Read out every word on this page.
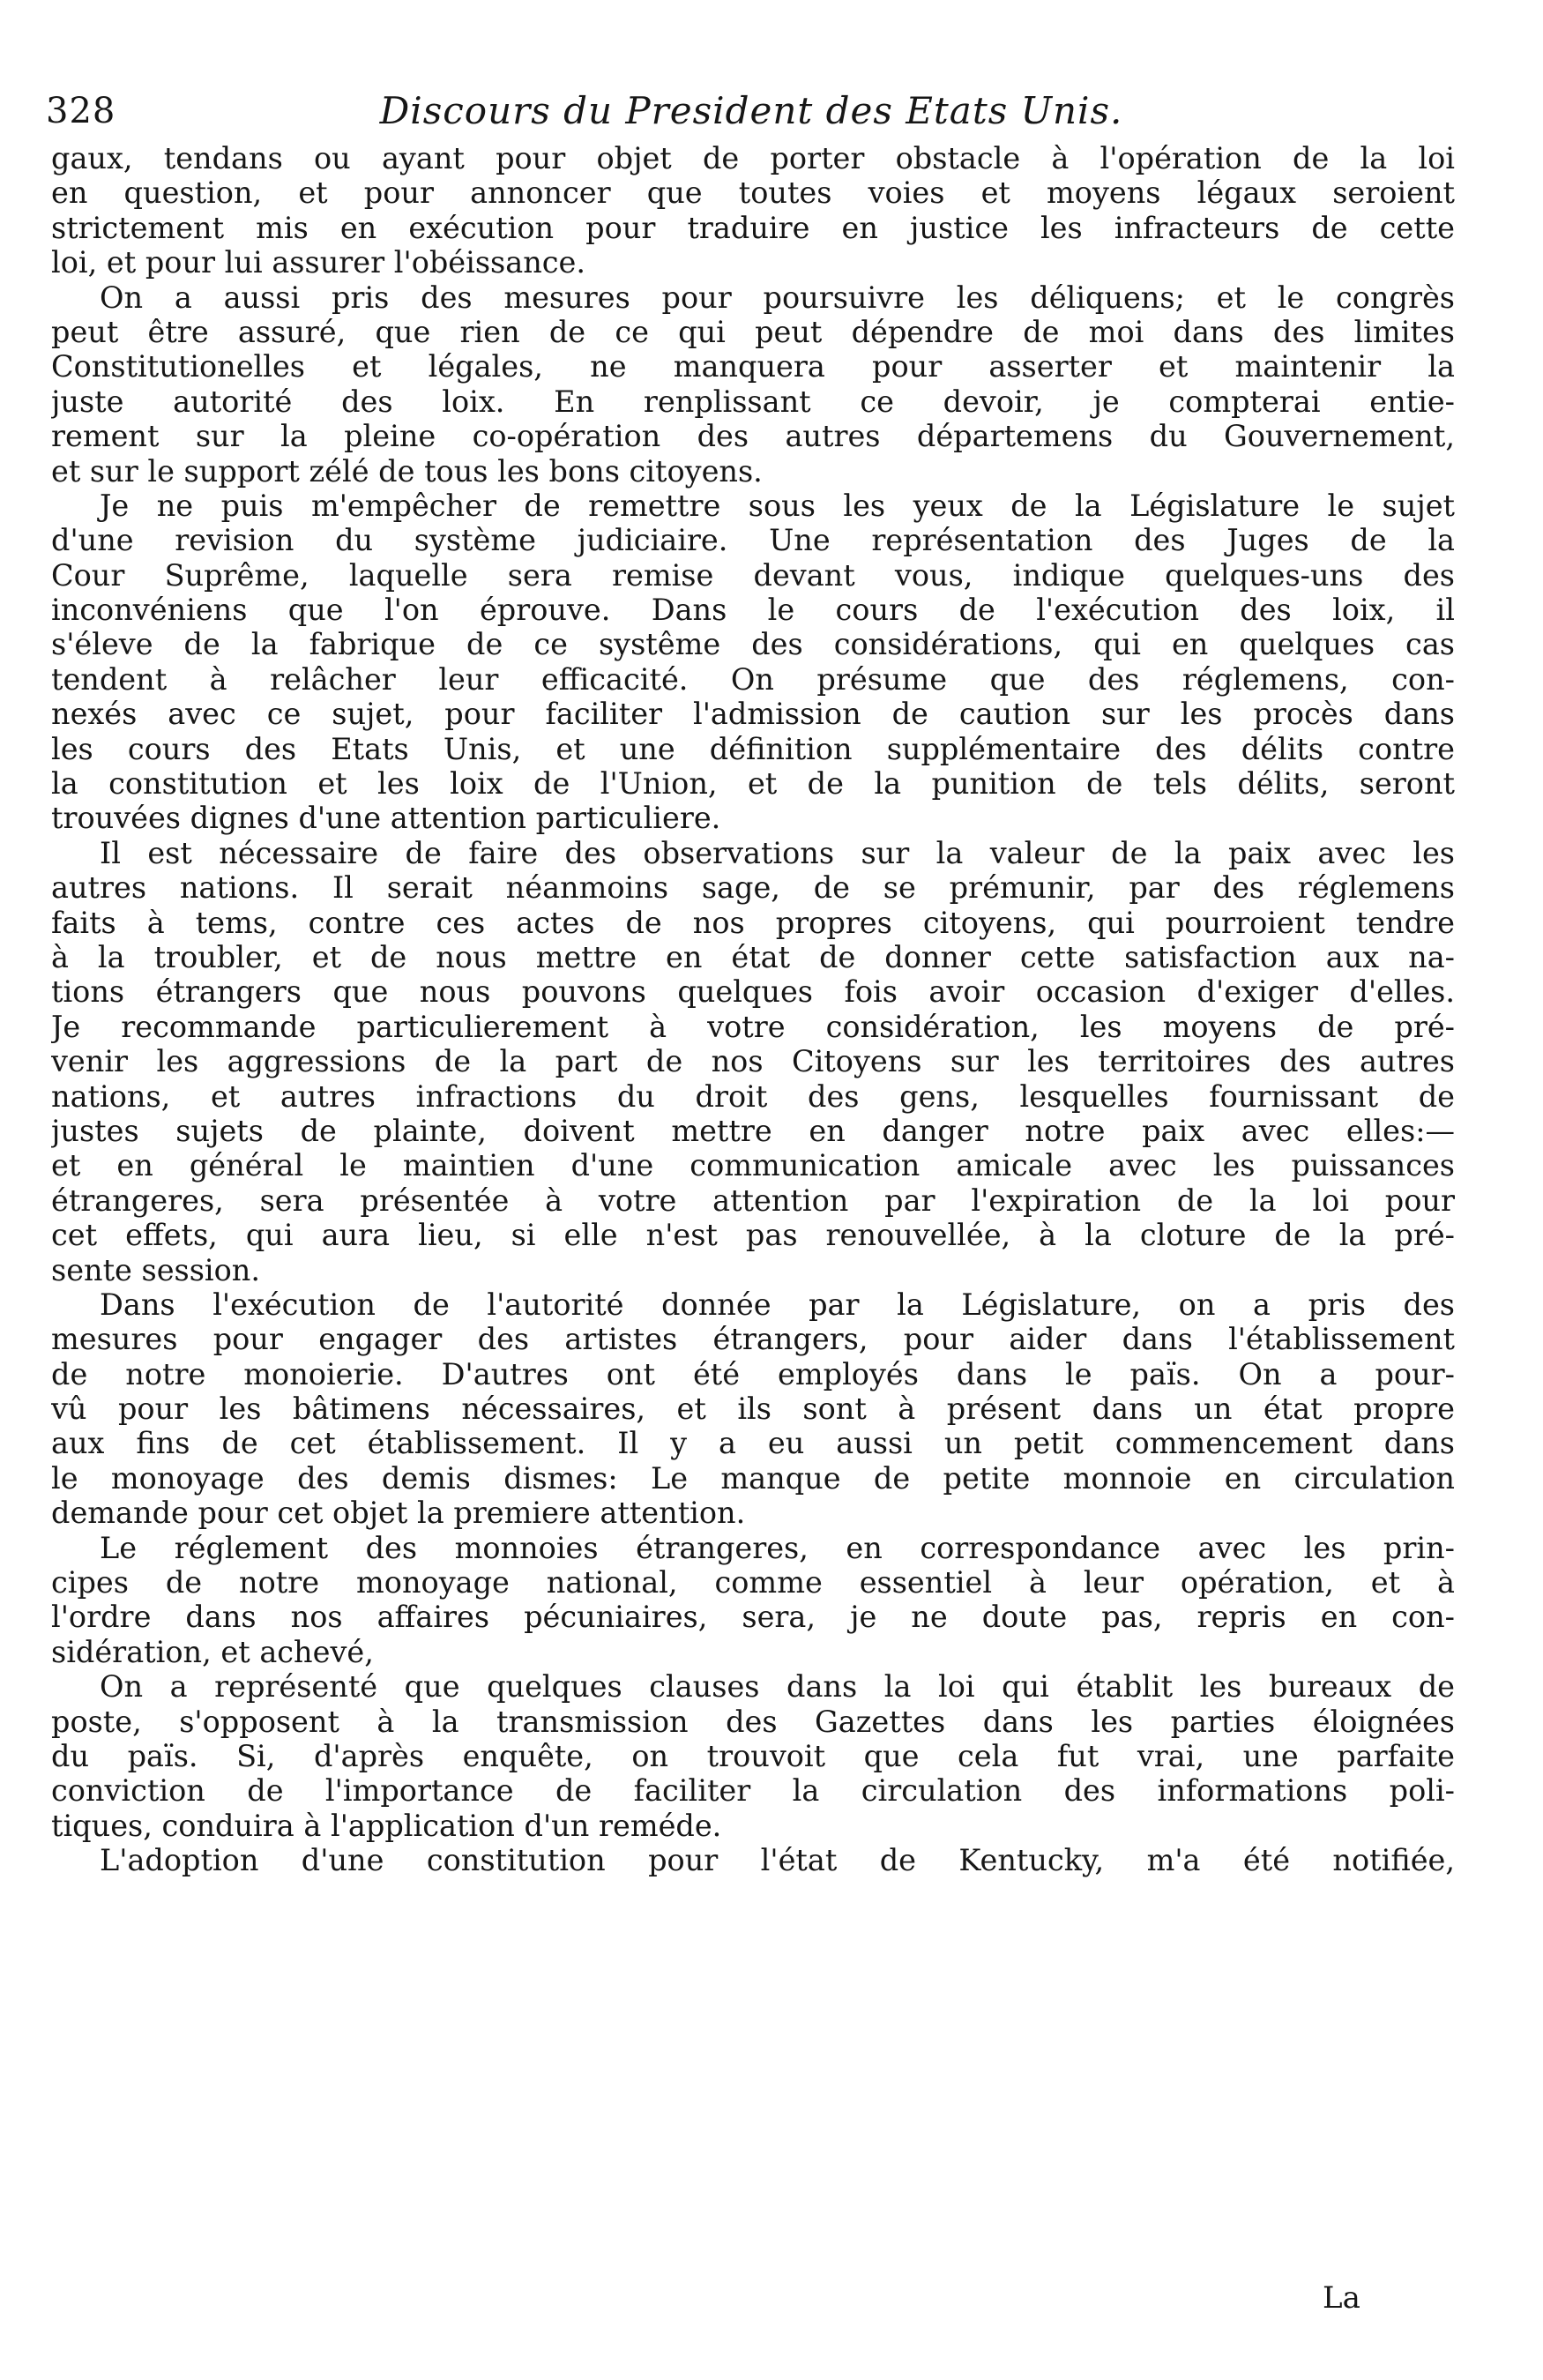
328	Discours du President des Etats Unis.
gaux, tendans ou ayant pour objet de porter obstacle à l'opération de la loi
en question, et pour annoncer que toutes voies et moyens légaux seroient
strictement mis en exécution pour traduire en justice les infracteurs de cette
loi, et pour lui assurer l'obéissance.
On a aussi pris des mesures pour poursuivre les déliquens; et le congrès
peut être assuré, que rien de ce qui peut dépendre de moi dans des limites
Constitutionelles et légales, ne manquera pour asserter et maintenir la
juste autorité des loix. En renplissant ce devoir, je compterai entie-
rement sur la pleine co-opération des autres départemens du Gouvernement,
et sur le support zélé de tous les bons citoyens.
Je ne puis m'empêcher de remettre sous les yeux de la Législature le sujet
d'une revision du système judiciaire. Une représentation des Juges de la
Cour Suprême, laquelle sera remise devant vous, indique quelques-uns des
inconvéniens que l'on éprouve. Dans le cours de l'exécution des loix, il
s'éleve de la fabrique de ce systême des considérations, qui en quelques cas
tendent à relâcher leur efficacité. On présume que des réglemens, con-
nexés avec ce sujet, pour faciliter l'admission de caution sur les procès dans
les cours des Etats Unis, et une définition supplémentaire des délits contre
la constitution et les loix de l'Union, et de la punition de tels délits, seront
trouvées dignes d'une attention particuliere.
Il est nécessaire de faire des observations sur la valeur de la paix avec les
autres nations. Il serait néanmoins sage, de se prémunir, par des réglemens
faits à tems, contre ces actes de nos propres citoyens, qui pourroient tendre
à la troubler, et de nous mettre en état de donner cette satisfaction aux na-
tions étrangers que nous pouvons quelques fois avoir occasion d'exiger d'elles.
Je recommande particulierement à votre considération, les moyens de pré-
venir les aggressions de la part de nos Citoyens sur les territoires des autres
nations, et autres infractions du droit des gens, lesquelles fournissant de
justes sujets de plainte, doivent mettre en danger notre paix avec elles:—
et en général le maintien d'une communication amicale avec les puissances
étrangeres, sera présentée à votre attention par l'expiration de la loi pour
cet effets, qui aura lieu, si elle n'est pas renouvellée, à la cloture de la pré-
sente session.
Dans l'exécution de l'autorité donnée par la Législature, on a pris des
mesures pour engager des artistes étrangers, pour aider dans l'établissement
de notre monoierie. D'autres ont été employés dans le païs. On a pour-
vû pour les bâtimens nécessaires, et ils sont à présent dans un état propre
aux fins de cet établissement. Il y a eu aussi un petit commencement dans
le monoyage des demis dismes: Le manque de petite monnoie en circulation
demande pour cet objet la premiere attention.
Le réglement des monnoies étrangeres, en correspondance avec les prin-
cipes de notre monoyage national, comme essentiel à leur opération, et à
l'ordre dans nos affaires pécuniaires, sera, je ne doute pas, repris en con-
sidération, et achevé,
On a représenté que quelques clauses dans la loi qui établit les bureaux de
poste, s'opposent à la transmission des Gazettes dans les parties éloignées
du païs. Si, d'après enquête, on trouvoit que cela fut vrai, une parfaite
conviction de l'importance de faciliter la circulation des informations poli-
tiques, conduira à l'application d'un reméde.
L'adoption d'une constitution pour l'état de Kentucky, m'a été notifiée,
La
